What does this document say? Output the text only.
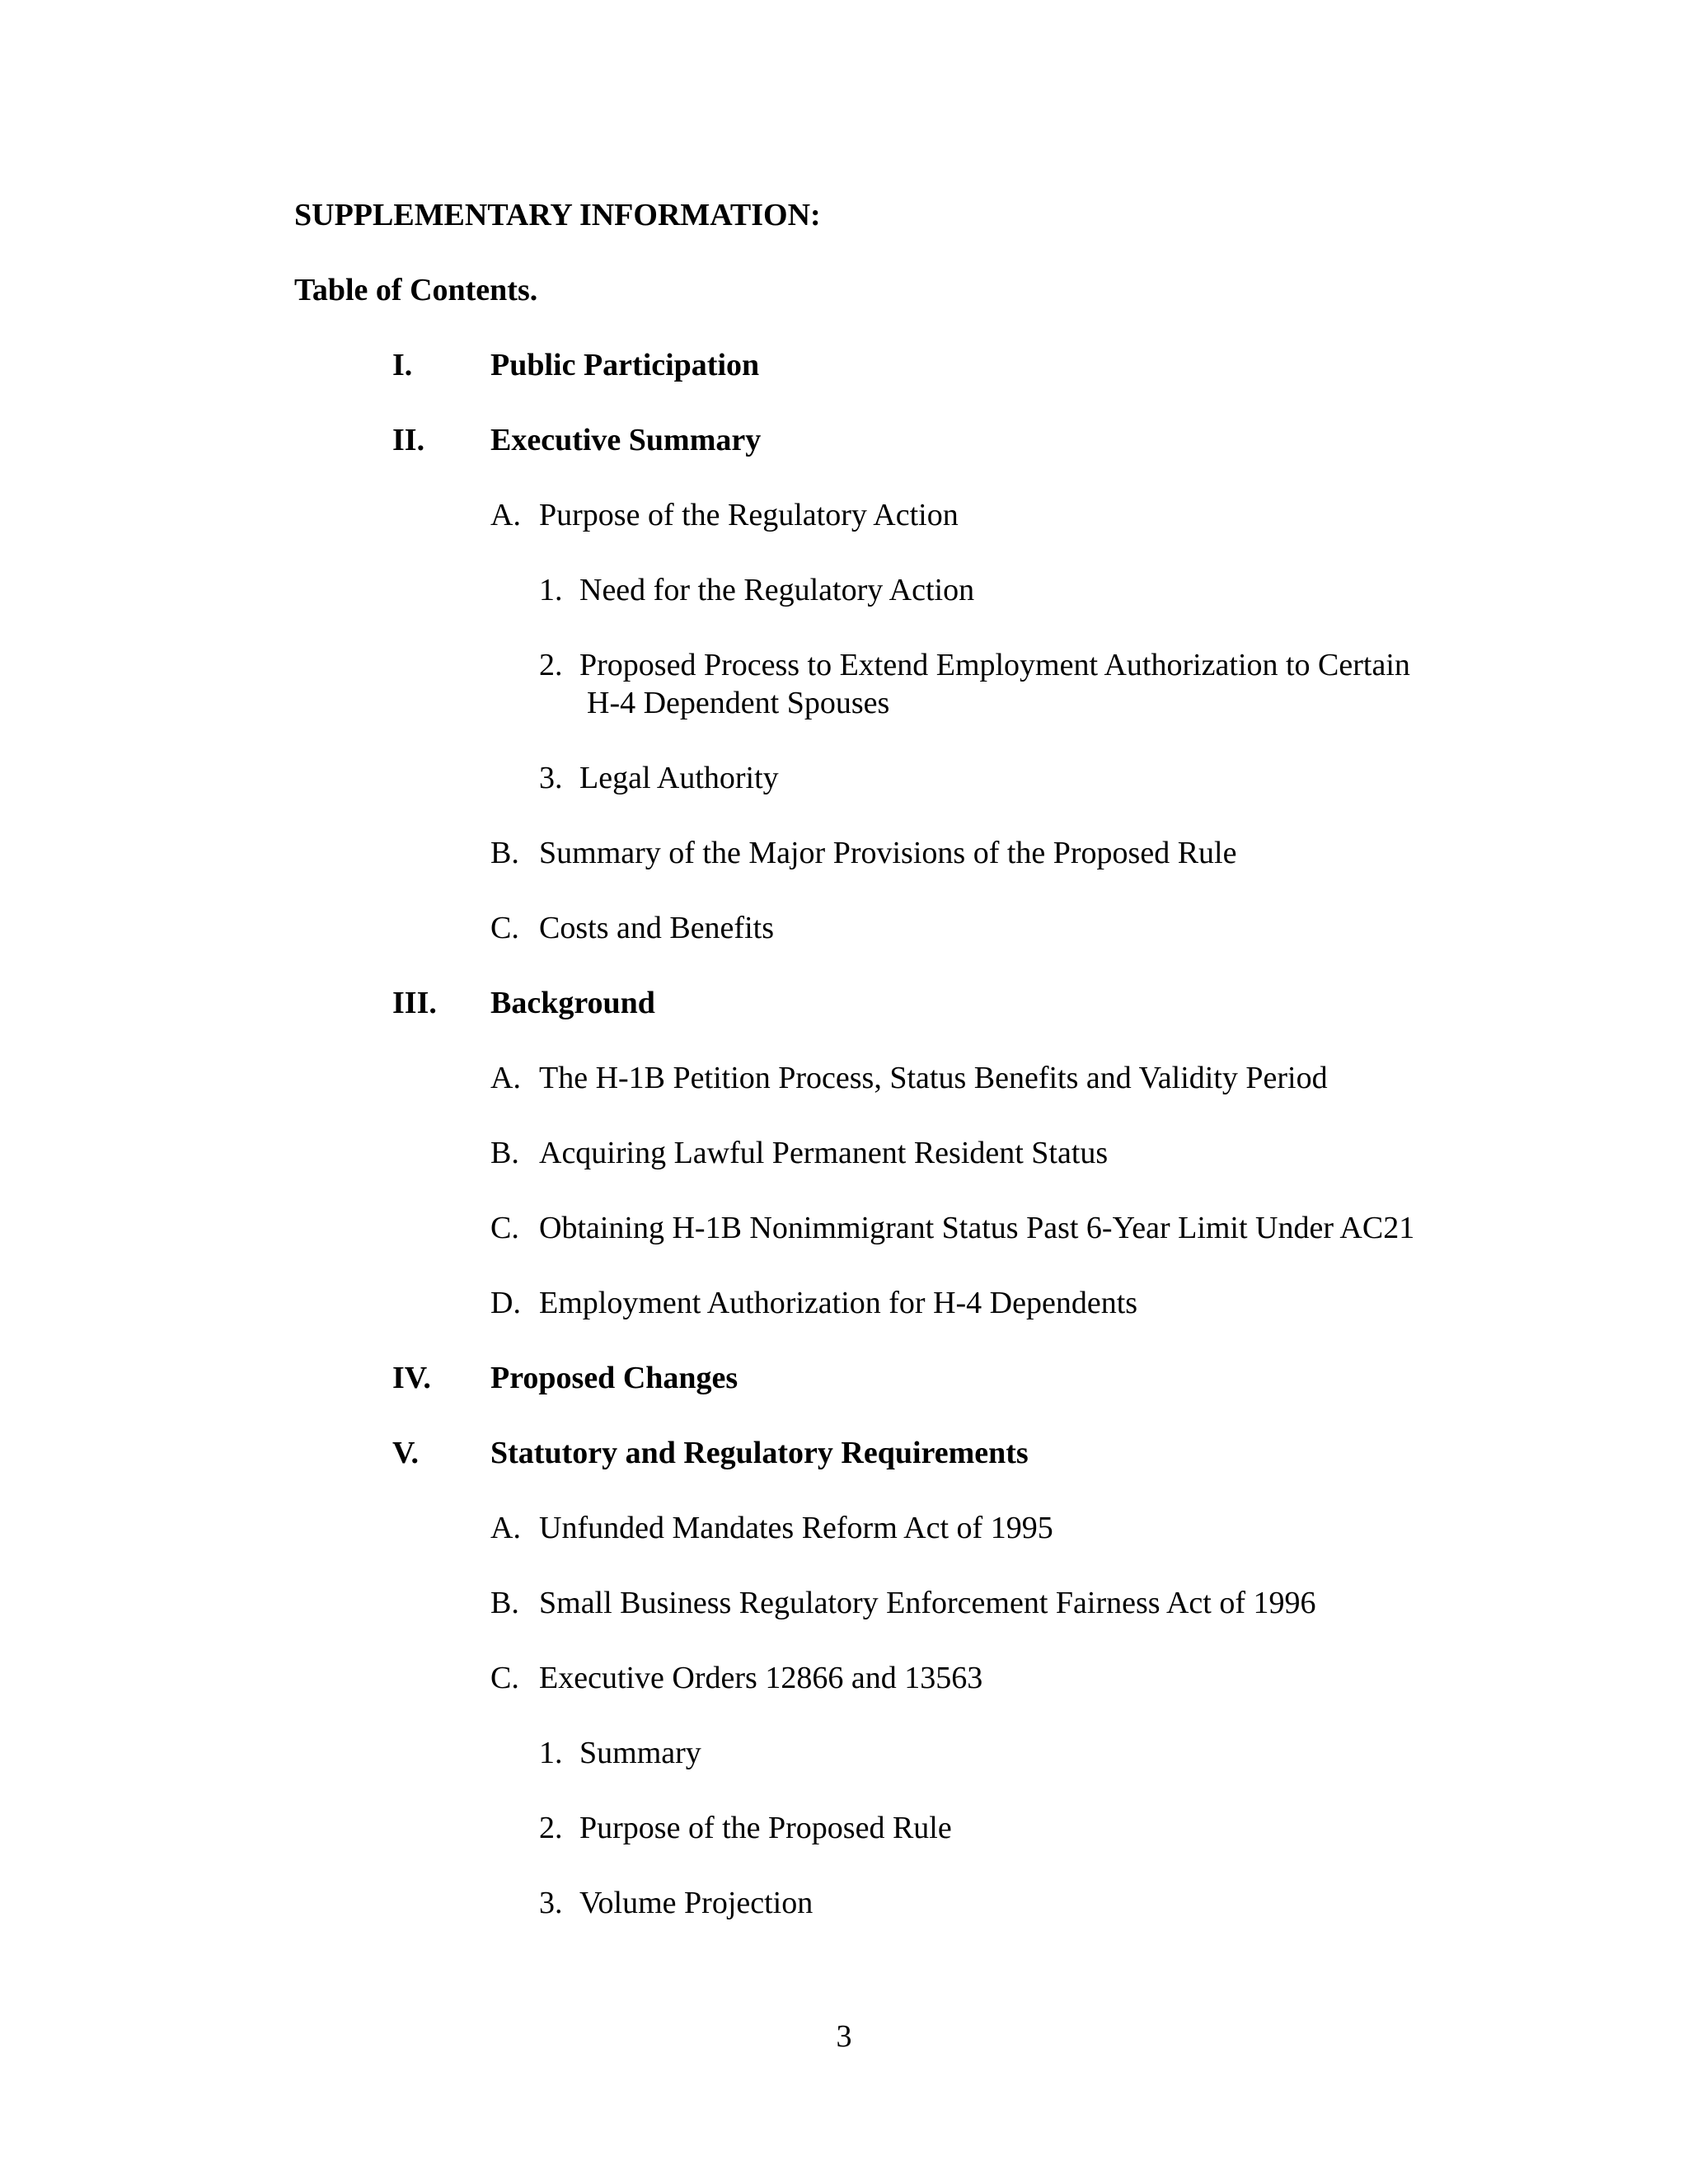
SUPPLEMENTARY INFORMATION:
Table of Contents.
I. Public Participation
II. Executive Summary
A. Purpose of the Regulatory Action
1. Need for the Regulatory Action
2. Proposed Process to Extend Employment Authorization to Certain
H-4 Dependent Spouses
3. Legal Authority
B. Summary of the Major Provisions of the Proposed Rule
C. Costs and Benefits
III. Background
A. The H-1B Petition Process, Status Benefits and Validity Period
B. Acquiring Lawful Permanent Resident Status
C. Obtaining H-1B Nonimmigrant Status Past 6-Year Limit Under AC21
D. Employment Authorization for H-4 Dependents
IV. Proposed Changes
V. Statutory and Regulatory Requirements
A. Unfunded Mandates Reform Act of 1995
B. Small Business Regulatory Enforcement Fairness Act of 1996
C. Executive Orders 12866 and 13563
1. Summary
2. Purpose of the Proposed Rule
3. Volume Projection
3
